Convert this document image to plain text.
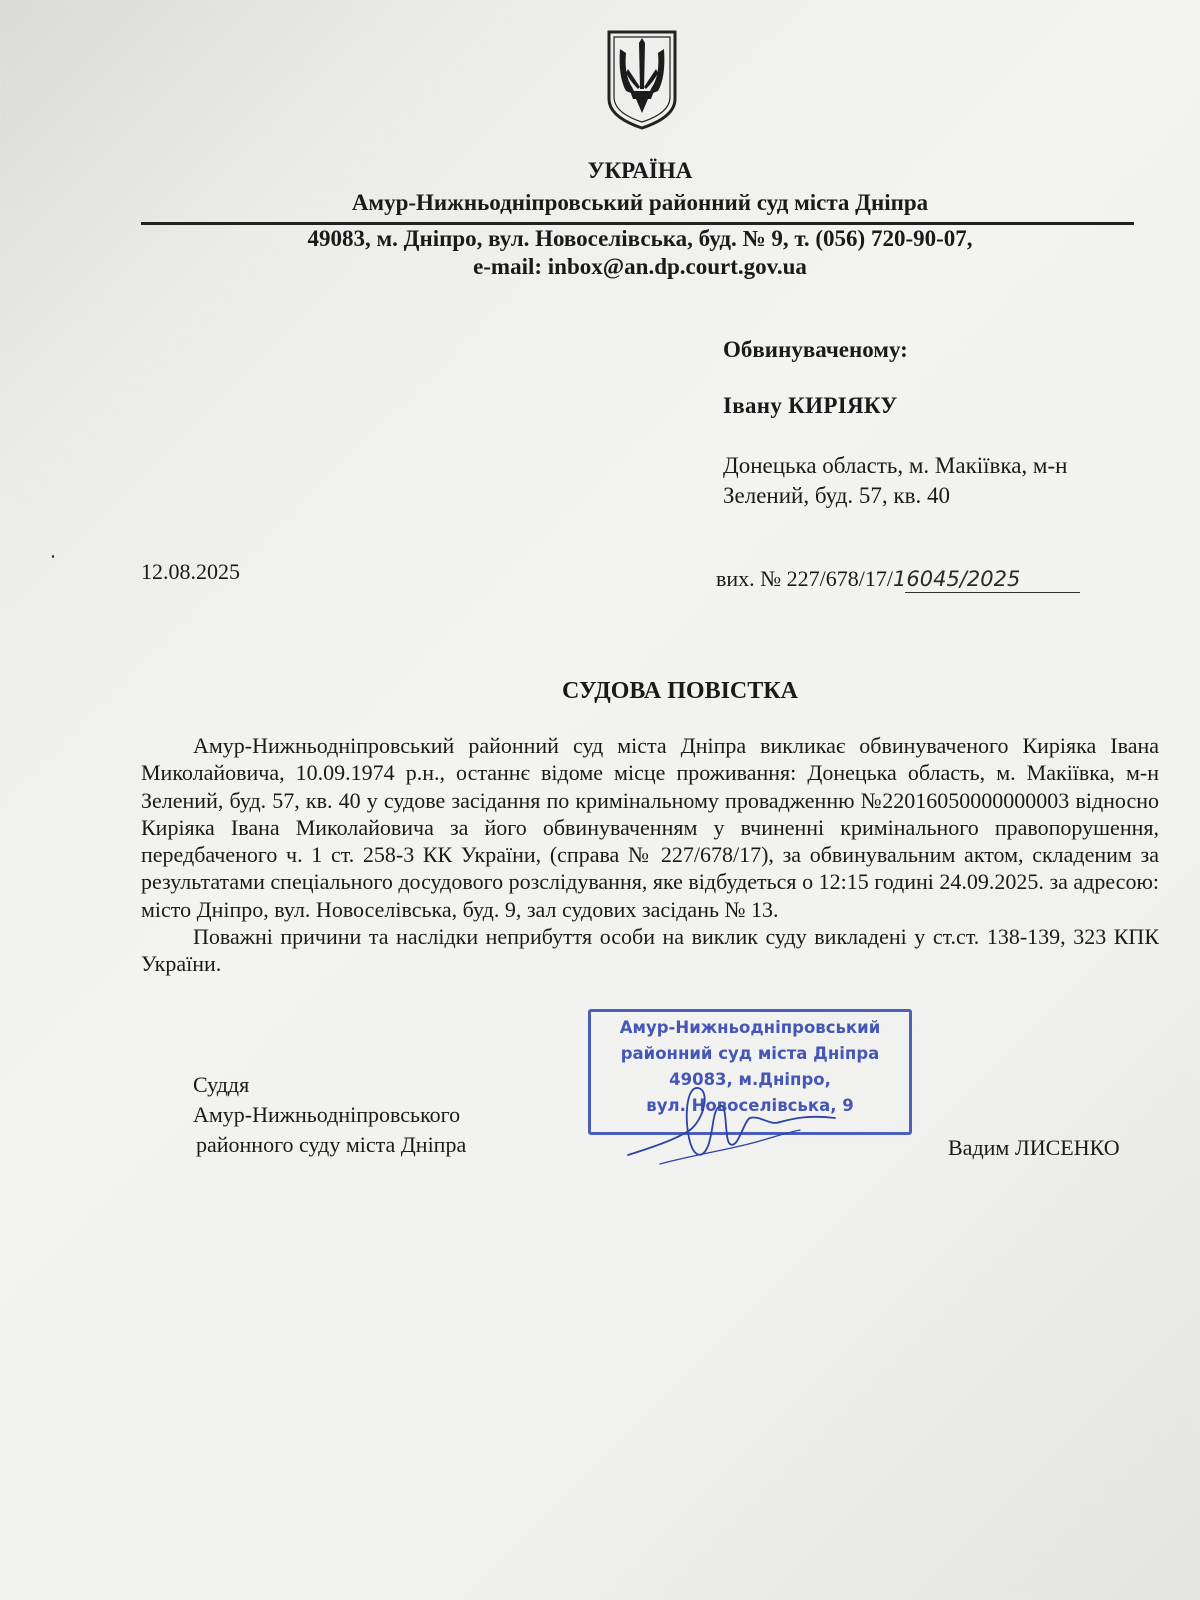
УКРАЇНА
Амур-Нижньодніпровський районний суд міста Дніпра
49083, м. Дніпро, вул. Новоселівська, буд. № 9, т. (056) 720-90-07,
e-mail: inbox@an.dp.court.gov.ua
Обвинуваченому:
Івану КИРІЯКУ
Донецька область, м. Макіївка, м-н
Зелений, буд. 57, кв. 40
12.08.2025	вих. № 227/678/17/16045/2025
СУДОВА ПОВІСТКА

Амур-Нижньодніпровський районний суд міста Дніпра викликає обвинуваченого Киріяка Івана Миколайовича, 10.09.1974 р.н., останнє відоме місце проживання: Донецька область, м. Макіївка, м-н Зелений, буд. 57, кв. 40 у судове засідання по кримінальному провадженню №22016050000000003 відносно Киріяка Івана Миколайовича за його обвинуваченням у вчиненні кримінального правопорушення, передбаченого ч. 1 ст. 258-3 КК України, (справа № 227/678/17), за обвинувальним актом, складеним за результатами спеціального досудового розслідування, яке відбудеться о 12:15 годині 24.09.2025. за адресою: місто Дніпро, вул. Новоселівська, буд. 9, зал судових засідань № 13.

Поважні причини та наслідки неприбуття особи на виклик суду викладені у ст.ст. 138-139, 323 КПК України.

Суддя
Амур-Нижньодніпровського
районного суду міста Дніпра
Амур-Нижньодніпровський
районний суд міста Дніпра
49083, м.Дніпро,
вул. Новоселівська, 9
Вадим ЛИСЕНКО
